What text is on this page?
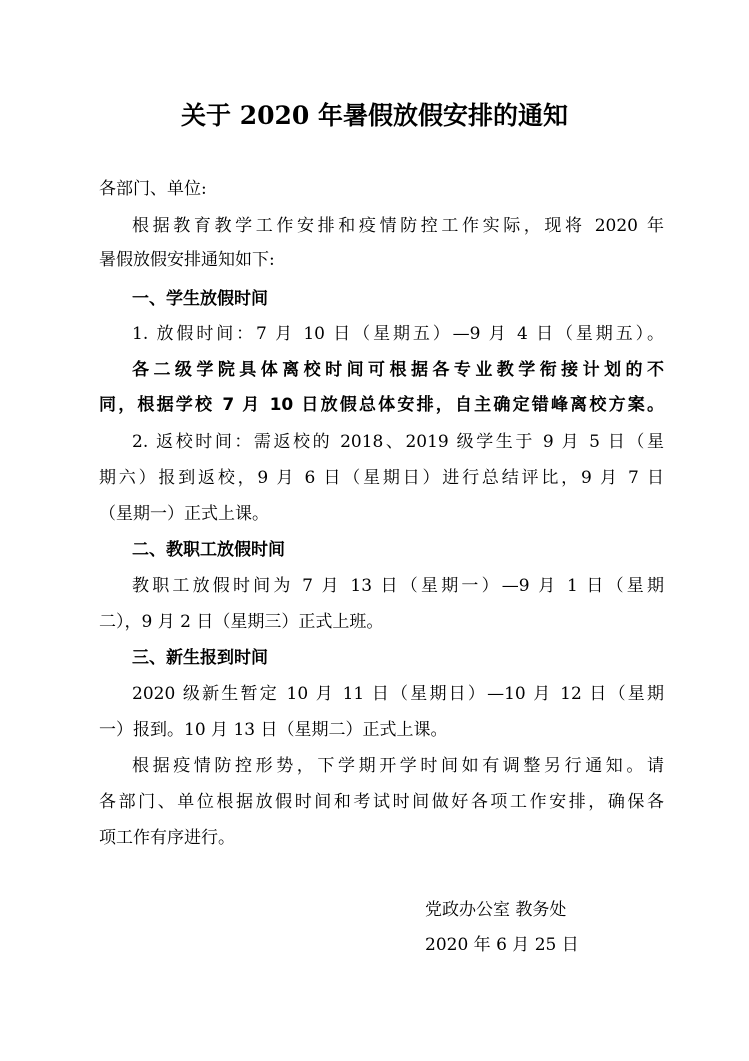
关于 2020 年暑假放假安排的通知

各部门、单位:

根据教育教学工作安排和疫情防控工作实际，现将 2020 年

暑假放假安排通知如下:

一、学生放假时间

1. 放假时间：7 月 10 日（星期五）—9 月 4 日（星期五）。

各二级学院具体离校时间可根据各专业教学衔接计划的不

同，根据学校 7 月 10 日放假总体安排，自主确定错峰离校方案。

2. 返校时间：需返校的 2018、2019 级学生于 9 月 5 日（星

期六）报到返校，9 月 6 日（星期日）进行总结评比，9 月 7 日

（星期一）正式上课。

二、教职工放假时间

教职工放假时间为 7 月 13 日（星期一）—9 月 1 日（星期

二），9 月 2 日（星期三）正式上班。

三、新生报到时间

2020 级新生暂定 10 月 11 日（星期日）—10 月 12 日（星期

一）报到。10 月 13 日（星期二）正式上课。

根据疫情防控形势，下学期开学时间如有调整另行通知。请

各部门、单位根据放假时间和考试时间做好各项工作安排，确保各

项工作有序进行。

党政办公室 教务处

2020 年 6 月 25 日
